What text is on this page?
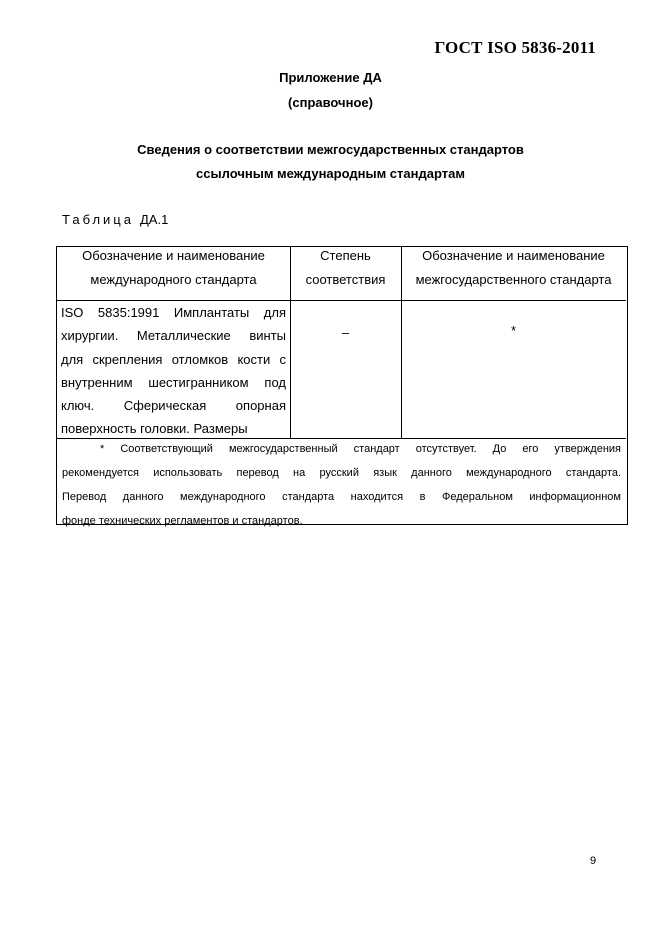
ГОСТ ISO 5836-2011
Приложение ДА
(справочное)
Сведения о соответствии межгосударственных стандартов
ссылочным международным стандартам
Таблица ДА.1
Обозначение и наименование
международного стандарта
Степень
соответствия
Обозначение и наименование
межгосударственного стандарта
ISO 5835:1991 Имплантаты для
хирургии. Металлические винты
для скрепления отломков кости с
внутренним шестигранником под
ключ. Сферическая опорная
поверхность головки. Размеры
–	*
* Соответствующий межгосударственный стандарт отсутствует. До его утверждения
рекомендуется использовать перевод на русский язык данного международного стандарта.
Перевод данного международного стандарта находится в Федеральном информационном
фонде технических регламентов и стандартов.
9
